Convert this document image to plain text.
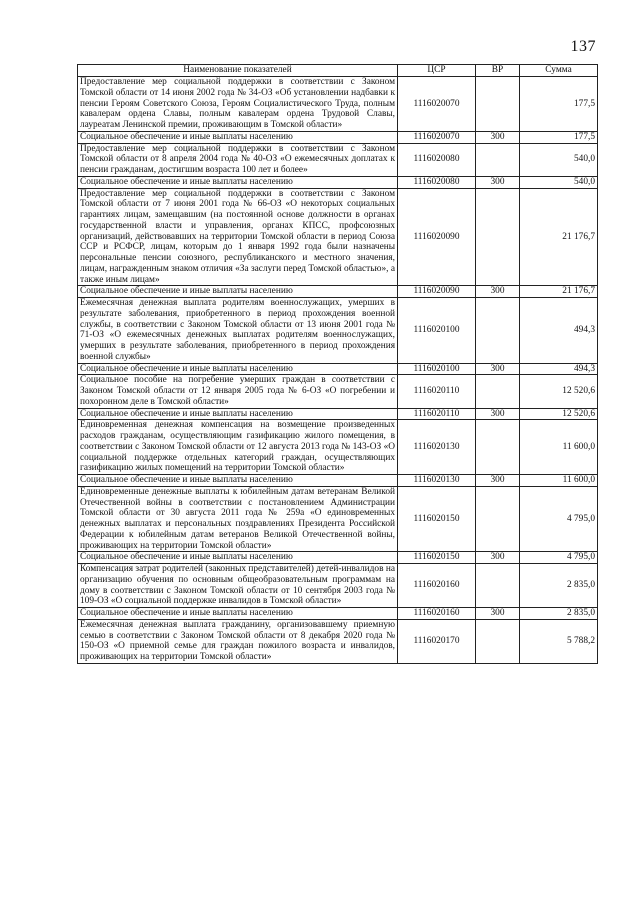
137
Наименование показателей	ЦСР	ВР	Сумма
Предоставление мер социальной поддержки в соответствии с Законом Томской области от 14 июня 2002 года № 34-ОЗ «Об установлении надбавки к пенсии Героям Советского Союза, Героям Социалистического Труда, полным кавалерам ордена Славы, полным кавалерам ордена Трудовой Славы, лауреатам Ленинской премии, проживающим в Томской области»	1116020070		177,5
Социальное обеспечение и иные выплаты населению	1116020070	300	177,5
Предоставление мер социальной поддержки в соответствии с Законом Томской области от 8 апреля 2004 года № 40-ОЗ «О ежемесячных доплатах к пенсии гражданам, достигшим возраста 100 лет и более»	1116020080		540,0
Социальное обеспечение и иные выплаты населению	1116020080	300	540,0
Предоставление мер социальной поддержки в соответствии с Законом Томской области от 7 июня 2001 года № 66-ОЗ «О некоторых социальных гарантиях лицам, замещавшим (на постоянной основе должности в органах государственной власти и управления, органах КПСС, профсоюзных организаций, действовавших на территории Томской области в период Союза ССР и РСФСР, лицам, которым до 1 января 1992 года были назначены персональные пенсии союзного, республиканского и местного значения, лицам, награжденным знаком отличия «За заслуги перед Томской областью», а также иным лицам»	1116020090		21 176,7
Социальное обеспечение и иные выплаты населению	1116020090	300	21 176,7
Ежемесячная денежная выплата родителям военнослужащих, умерших в результате заболевания, приобретенного в период прохождения военной службы, в соответствии с Законом Томской области от 13 июня 2001 года № 71-ОЗ «О ежемесячных денежных выплатах родителям военнослужащих, умерших в результате заболевания, приобретенного в период прохождения военной службы»	1116020100		494,3
Социальное обеспечение и иные выплаты населению	1116020100	300	494,3
Социальное пособие на погребение умерших граждан в соответствии с Законом Томской области от 12 января 2005 года № 6-ОЗ «О погребении и похоронном деле в Томской области»	1116020110		12 520,6
Социальное обеспечение и иные выплаты населению	1116020110	300	12 520,6
Единовременная денежная компенсация на возмещение произведенных расходов гражданам, осуществляющим газификацию жилого помещения, в соответствии с Законом Томской области от 12 августа 2013 года № 143-ОЗ «О социальной поддержке отдельных категорий граждан, осуществляющих газификацию жилых помещений на территории Томской области»	1116020130		11 600,0
Социальное обеспечение и иные выплаты населению	1116020130	300	11 600,0
Единовременные денежные выплаты к юбилейным датам ветеранам Великой Отечественной войны в соответствии с постановлением Администрации Томской области от 30 августа 2011 года № 259а «О единовременных денежных выплатах и персональных поздравлениях Президента Российской Федерации к юбилейным датам ветеранов Великой Отечественной войны, проживающих на территории Томской области»	1116020150		4 795,0
Социальное обеспечение и иные выплаты населению	1116020150	300	4 795,0
Компенсация затрат родителей (законных представителей) детей-инвалидов на организацию обучения по основным общеобразовательным программам на дому в соответствии с Законом Томской области от 10 сентября 2003 года № 109-ОЗ «О социальной поддержке инвалидов в Томской области»	1116020160		2 835,0
Социальное обеспечение и иные выплаты населению	1116020160	300	2 835,0
Ежемесячная денежная выплата гражданину, организовавшему приемную семью в соответствии с Законом Томской области от 8 декабря 2020 года № 150-ОЗ «О приемной семье для граждан пожилого возраста и инвалидов, проживающих на территории Томской области»	1116020170		5 788,2
